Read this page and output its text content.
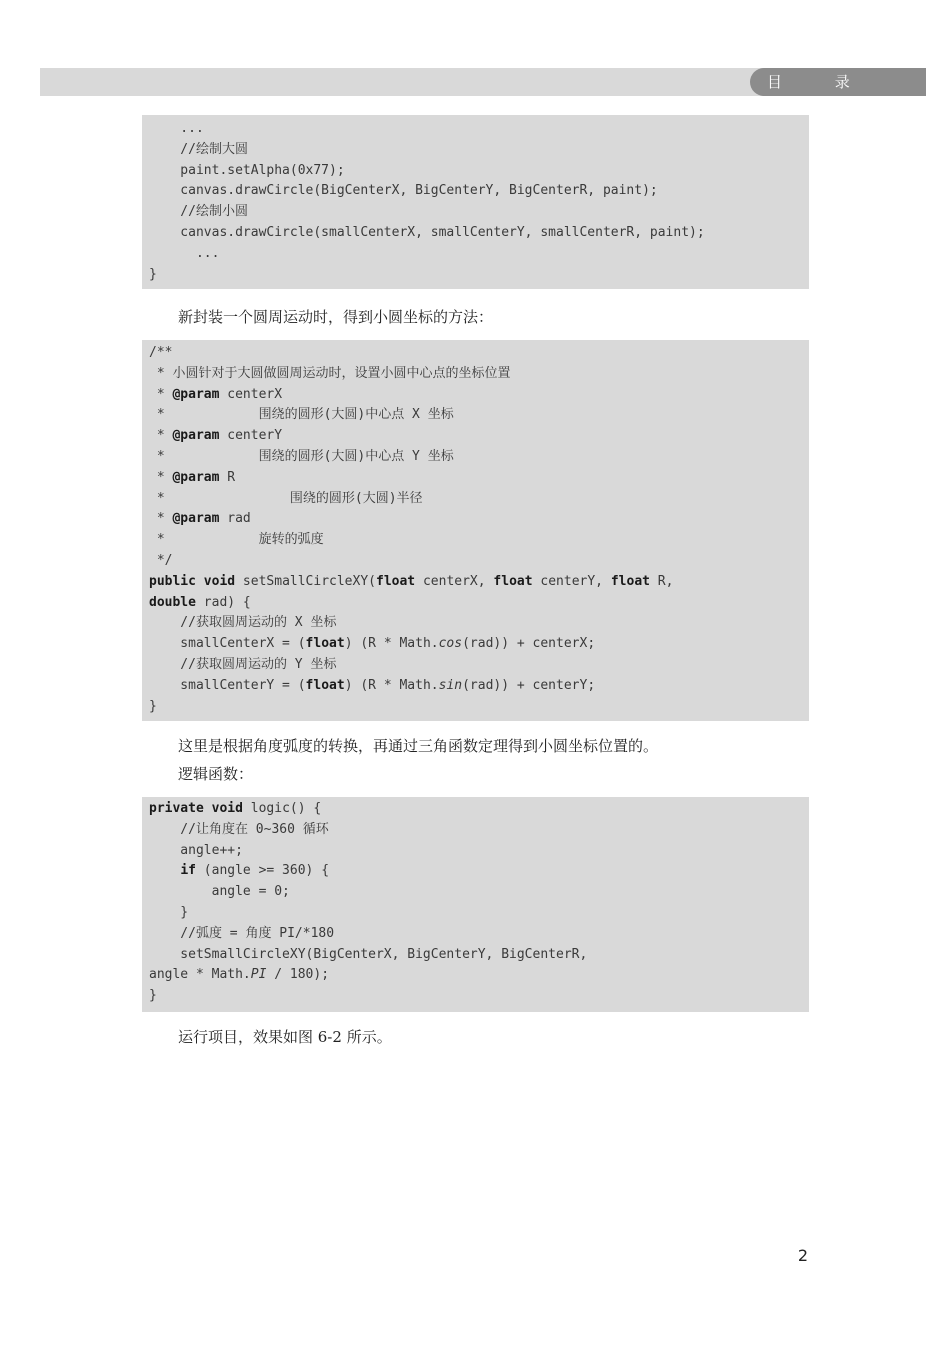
目 录
...
//绘制大圆
paint.setAlpha(0x77);
canvas.drawCircle(BigCenterX, BigCenterY, BigCenterR, paint);
//绘制小圆
canvas.drawCircle(smallCenterX, smallCenterY, smallCenterR, paint);
...
}
新封装一个圆周运动时，得到小圆坐标的方法：
/**
* 小圆针对于大圆做圆周运动时，设置小圆中心点的坐标位置
* @param centerX
*            围绕的圆形(大圆)中心点 X 坐标
* @param centerY
*            围绕的圆形(大圆)中心点 Y 坐标
* @param R
*                围绕的圆形(大圆)半径
* @param rad
*            旋转的弧度
*/
public void setSmallCircleXY(float centerX, float centerY, float R,
double rad) {
//获取圆周运动的 X 坐标
smallCenterX = (float) (R * Math.cos(rad)) + centerX;
//获取圆周运动的 Y 坐标
smallCenterY = (float) (R * Math.sin(rad)) + centerY;
}
这里是根据角度弧度的转换，再通过三角函数定理得到小圆坐标位置的。
逻辑函数：
private void logic() {
//让角度在 0~360 循环
angle++;
if (angle >= 360) {
angle = 0;
}
//弧度 = 角度 PI/*180
setSmallCircleXY(BigCenterX, BigCenterY, BigCenterR,
angle * Math.PI / 180);
}
运行项目，效果如图 6-2 所示。
2
